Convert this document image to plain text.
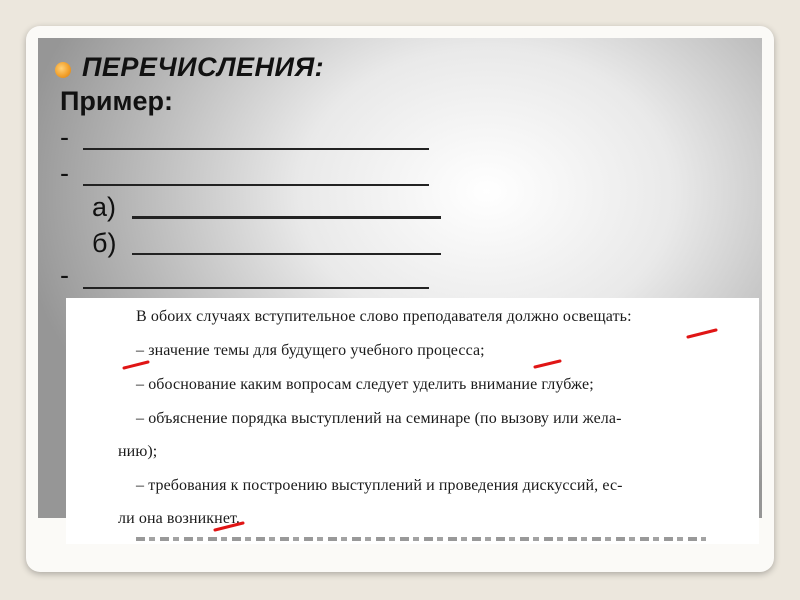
ПЕРЕЧИСЛЕНИЯ:
Пример:
-
-
а)
б)
-
В обоих случаях вступительное слово преподавателя должно освещать:
– значение темы для будущего учебного процесса;
– обоснование каким вопросам следует уделить внимание глубже;
– объяснение порядка выступлений на семинаре (по вызову или жела-
нию);
– требования к построению выступлений и проведения дискуссий, ес-
ли она возникнет.
